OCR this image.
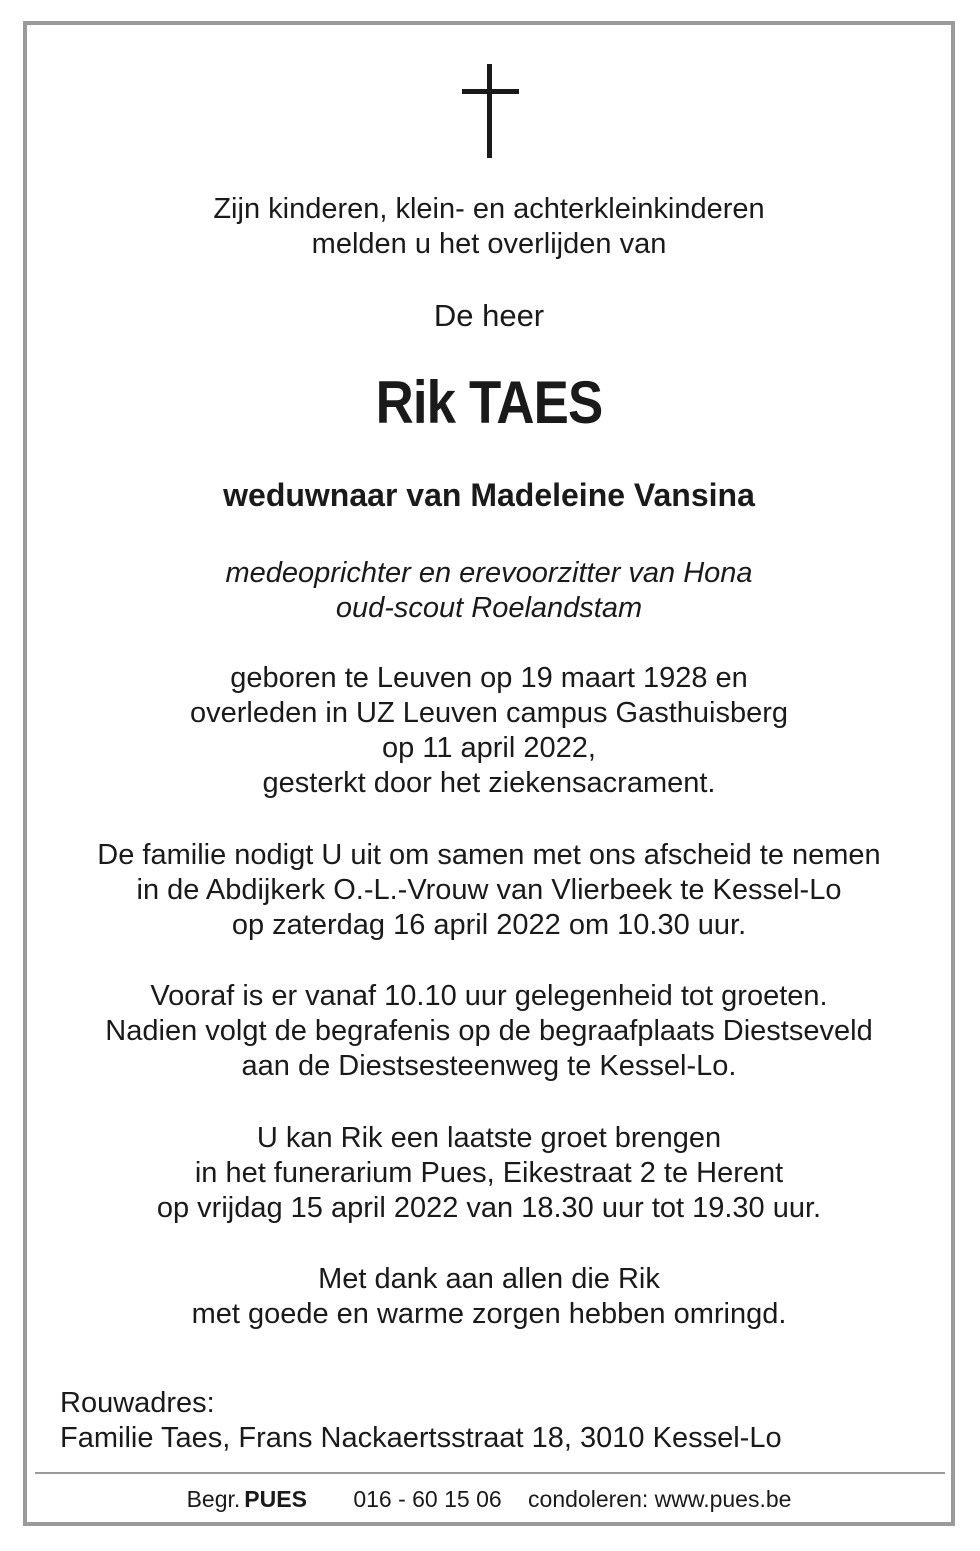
Zijn kinderen, klein- en achterkleinkinderen
melden u het overlijden van
De heer
Rik TAES
weduwnaar van Madeleine Vansina
medeoprichter en erevoorzitter van Hona
oud-scout Roelandstam
geboren te Leuven op 19 maart 1928 en
overleden in UZ Leuven campus Gasthuisberg
op 11 april 2022,
gesterkt door het ziekensacrament.
De familie nodigt U uit om samen met ons afscheid te nemen
in de Abdijkerk O.-L.-Vrouw van Vlierbeek te Kessel-Lo
op zaterdag 16 april 2022 om 10.30 uur.
Vooraf is er vanaf 10.10 uur gelegenheid tot groeten.
Nadien volgt de begrafenis op de begraafplaats Diestseveld
aan de Diestsesteenweg te Kessel-Lo.
U kan Rik een laatste groet brengen
in het funerarium Pues, Eikestraat 2 te Herent
op vrijdag 15 april 2022 van 18.30 uur tot 19.30 uur.
Met dank aan allen die Rik
met goede en warme zorgen hebben omringd.
Rouwadres:
Familie Taes, Frans Nackaertsstraat 18, 3010 Kessel-Lo
Begr. PUES 016 - 60 15 06 condoleren: www.pues.be
